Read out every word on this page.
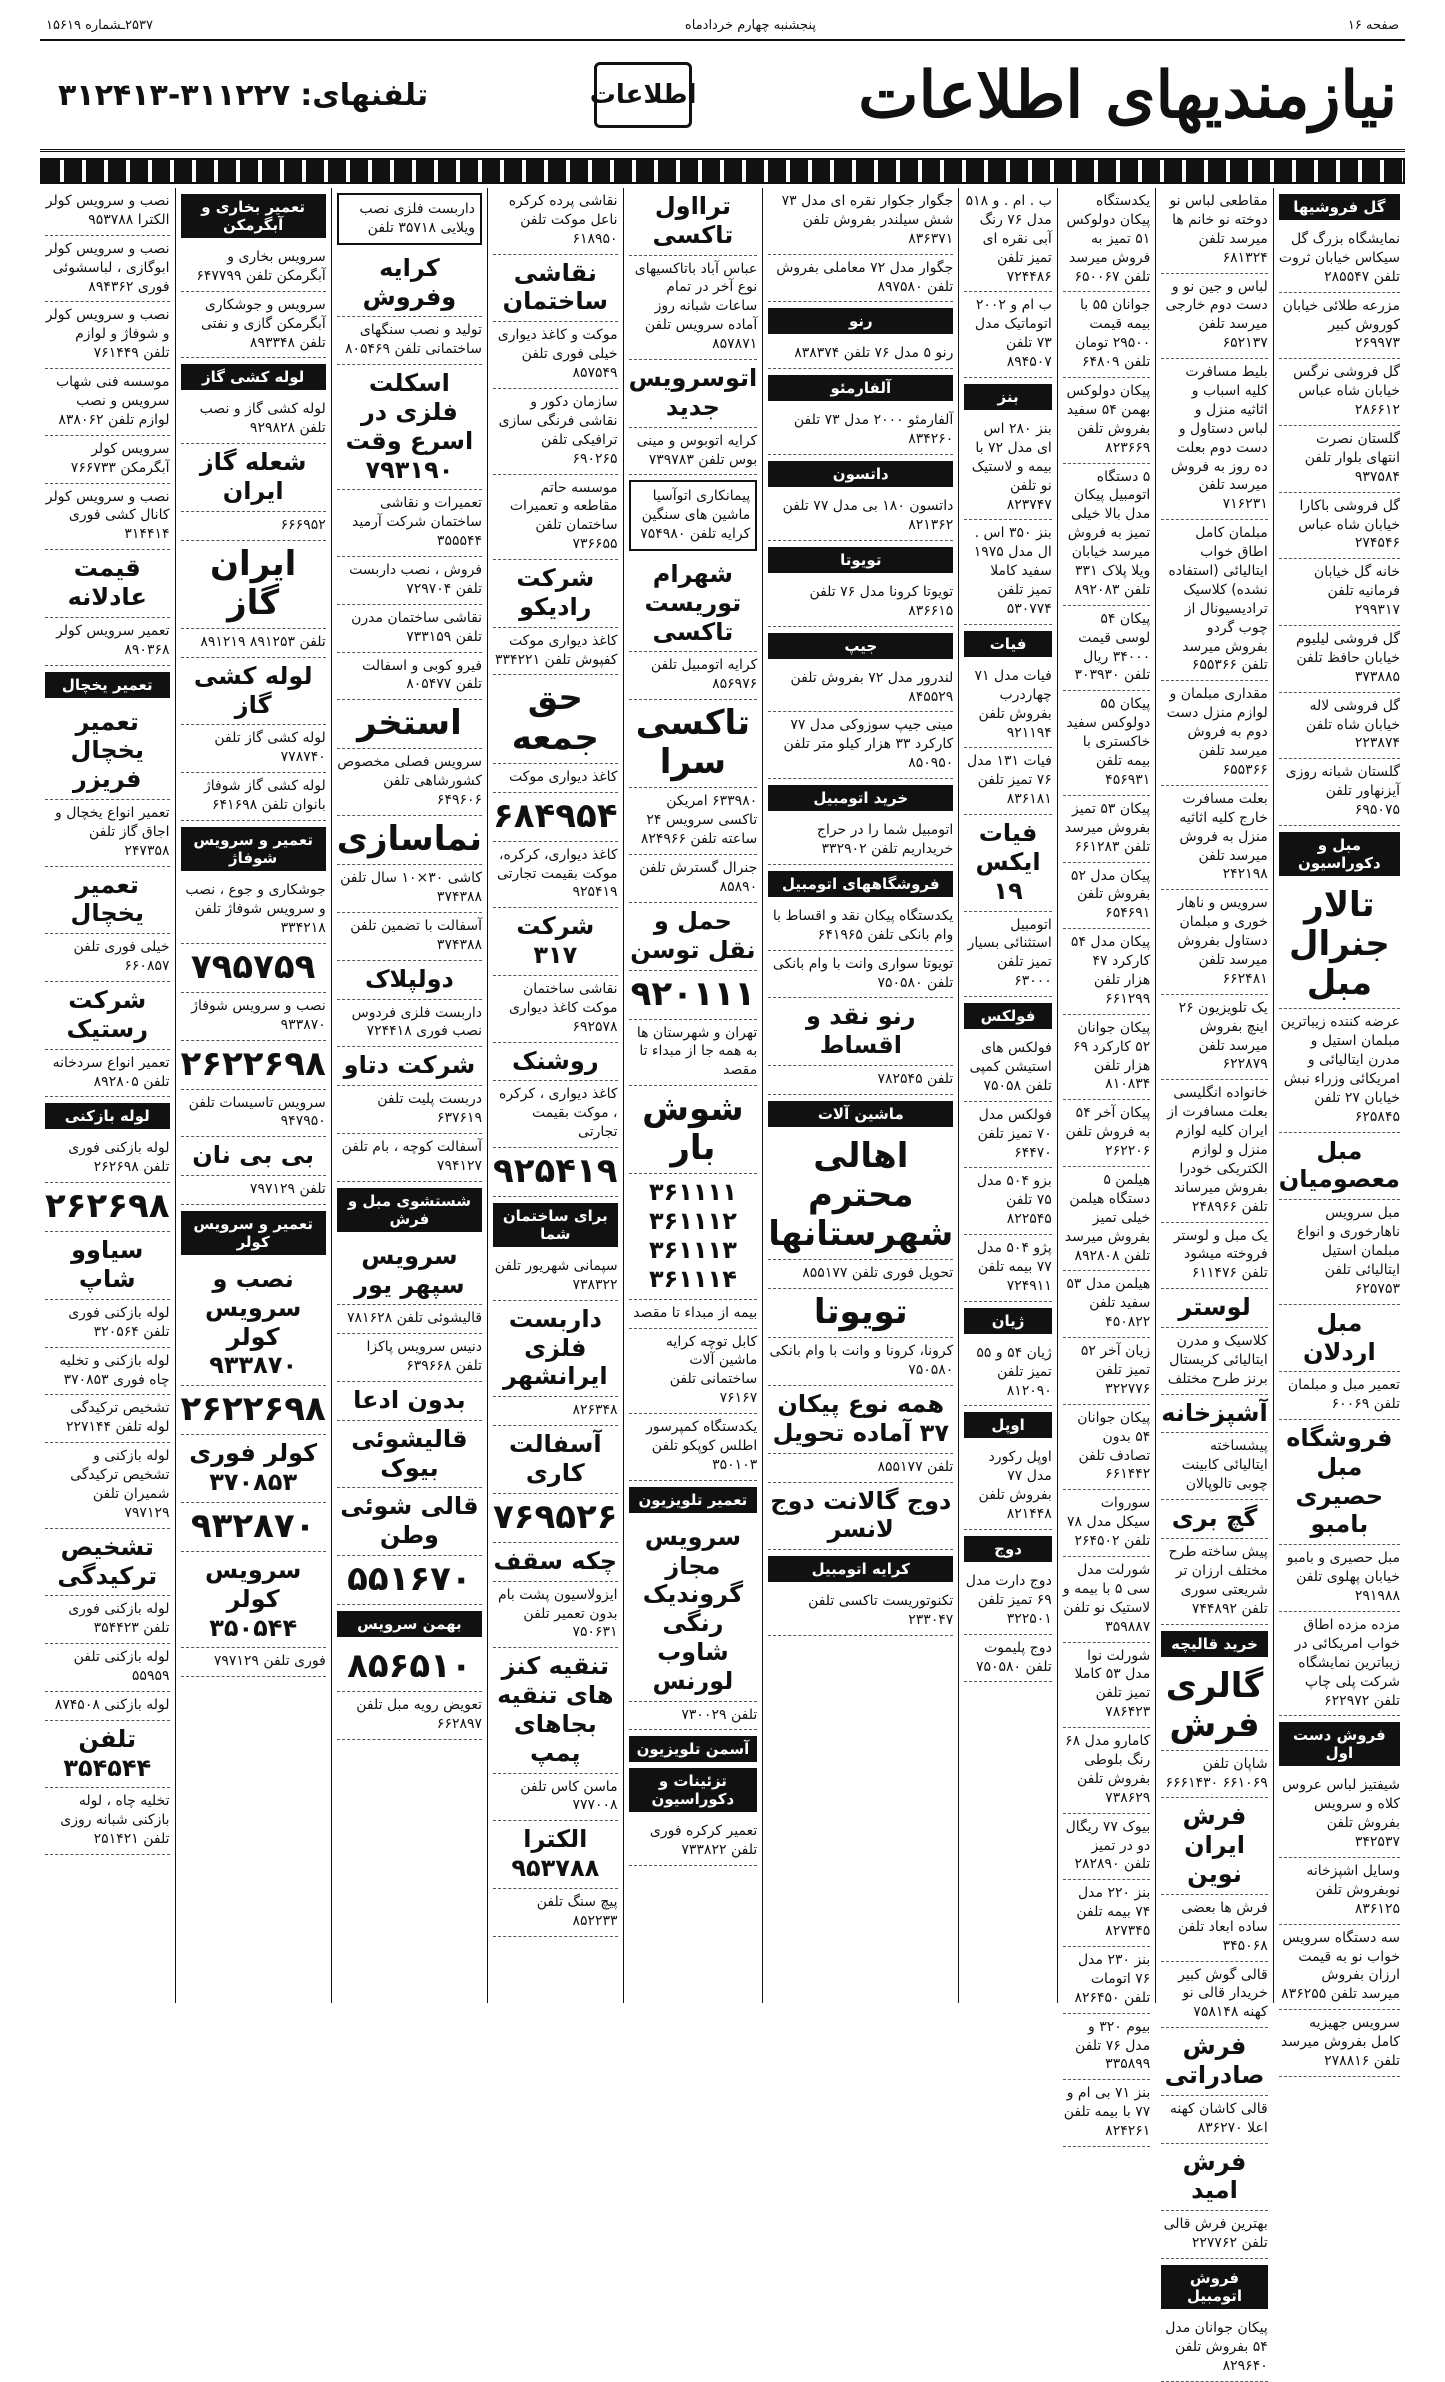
صفحه ۱۶
پنجشنبه چهارم خردادماه
۲۵۳۷ـشماره ۱۵۶۱۹
نیازمندیهای اطلاعات
اطلاعات
تلفنهای:۳۱۱۲۲۷-۳۱۲۴۱۳
گل فروشیها
نمایشگاه بزرگ گل سیکاس خیابان ثروت تلفن ۲۸۵۵۴۷
مزرعه طلائی خیابان کوروش کبیر ۲۶۹۹۷۳
گل فروشی نرگس خیابان شاه عباس ۲۸۶۶۱۲
گلستان نصرت انتهای بلوار تلفن ۹۳۷۵۸۴
گل فروشی باکارا خیابان شاه عباس ۲۷۴۵۴۶
خانه گل خیابان فرمانیه تلفن ۲۹۹۳۱۷
گل فروشی لیلیوم خیابان حافظ تلفن ۳۷۳۸۸۵
گل فروشی لاله خیابان شاه تلفن ۲۲۳۸۷۴
گلستان شبانه روزی آیزنهاور تلفن ۶۹۵۰۷۵
مبل و دکوراسیون
تالار جنرال مبل
عرضه کننده زیباترین مبلمان استیل و مدرن ایتالیائی و امریکائی وزراء نبش خیابان ۲۷ تلفن ۶۲۵۸۴۵
مبل معصومیان
مبل سرویس ناهارخوری و انواع مبلمان استیل ایتالیائی تلفن ۶۲۵۷۵۳
مبل اردلان
تعمیر مبل و مبلمان تلفن ۶۰۰۶۹
فروشگاه مبل حصیری بامبو
مبل حصیری و بامبو خیابان پهلوی تلفن ۲۹۱۹۸۸
مزده مزده اطاق خواب امریکائی در زیباترین نمایشگاه شرکت پلی چاپ تلفن ۶۲۲۹۷۲
فروش دست اول
شیفتیز لباس عروس کلاه و سرویس بفروش تلفن ۳۴۲۵۳۷
وسایل اشپزخانه نوبفروش تلفن ۸۳۶۱۲۵
سه دستگاه سرویس خواب نو به قیمت ارزان بفروش میرسد تلفن ۸۳۶۲۵۵
سرویس جهیزیه کامل بفروش میرسد تلفن ۲۷۸۸۱۶
مقاطعی لباس نو دوخته نو خانم ها میرسد تلفن ۶۸۱۳۲۴
لباس و جین نو و دست دوم خارجی میرسد تلفن ۶۵۲۱۳۷
بلیط مسافرت کلیه اسباب و اثاثیه منزل و لباس دستاول و دست دوم بعلت ده روز به فروش میرسد تلفن ۷۱۶۲۳۱
مبلمان کامل اطاق خواب ایتالیائی (استفاده نشده) کلاسیک ترادیسیونال از چوب گردو بفروش میرسد تلفن ۶۵۵۳۶۶
مقداری مبلمان و لوازم منزل دست دوم به فروش میرسد تلفن ۶۵۵۳۶۶
بعلت مسافرت خارج کلیه اثاثیه منزل به فروش میرسد تلفن ۲۴۲۱۹۸
سرویس و ناهار خوری و مبلمان دستاول بفروش میرسد تلفن ۶۶۲۴۸۱
یک تلویزیون ۲۶ اینچ بفروش میرسد تلفن ۶۲۲۸۷۹
خانواده انگلیسی بعلت مسافرت از ایران کلیه لوازم منزل و لوازم الکتریکی خودرا بفروش میرساند تلفن ۲۴۸۹۶۶
یک مبل و لوستر فروخته میشود تلفن ۶۱۱۴۷۶
لوستر
کلاسیک و مدرن ایتالیائی کریستال برنز طرح مختلف
آشپزخانه
پیشساخته ایتالیائی کابینت چوبی تالوپالان
گچ بری
پیش ساخته طرح مختلف ارزان تر شریعتی سوری تلفن ۷۴۴۸۹۲
خرید قالیچه
گالری فرش
شاپان تلفن ۶۶۱۰۶۹ ۶۶۶۱۴۳۰
فرش ایران نوین
فرش ها بعضی ساده ابعاد تلفن ۳۴۵۰۶۸
قالی گوش کبیر خریدار قالی نو کهنه ۷۵۸۱۴۸
فرش صادراتی
قالی کاشان کهنه اعلا ۸۳۶۲۷۰
فرش امید
بهترین فرش قالی تلفن ۲۲۷۷۶۲
فروش اتومبیل
پیکان جوانان مدل ۵۴ بفروش تلفن ۸۲۹۶۴۰
یکدستگاه پیکان دولوکس ۵۱ تمیز به فروش میرسد تلفن ۶۵۰۰۶۷
جوانان ۵۵ با بیمه قیمت ۲۹۵۰۰ تومان تلفن ۶۴۸۰۹
پیکان دولوکس بهمن ۵۴ سفید بفروش تلفن ۸۲۳۶۶۹
۵ دستگاه اتومبیل پیکان مدل بالا خیلی تمیز به فروش میرسد خیابان ویلا پلاک ۳۳۱ تلفن ۸۹۲۰۸۳
پیکان ۵۴ لوسی قیمت ۳۴۰۰۰ ریال تلفن ۳۰۳۹۳۰
پیکان ۵۵ دولوکس سفید خاکستری با بیمه تلفن ۴۵۶۹۳۱
پیکان ۵۳ تمیز بفروش میرسد تلفن ۶۶۱۲۸۳
پیکان مدل ۵۲ بفروش تلفن ۶۵۴۶۹۱
پیکان مدل ۵۴ کارکرد ۴۷ هزار تلفن ۶۶۱۲۹۹
پیکان جوانان ۵۲ کارکرد ۶۹ هزار تلفن ۸۱۰۸۳۴
پیکان آخر ۵۴ به فروش تلفن ۲۶۲۲۰۶
هیلمن ۵ دستگاه هیلمن خیلی تمیز بفروش میرسد تلفن ۸۹۲۸۰۸
هیلمن مدل ۵۳ سفید تلفن ۴۵۰۸۲۲
زیان آخر ۵۲ تمیز تلفن ۳۲۲۷۷۶
پیکان جوانان ۵۴ بدون تصادف تلفن ۶۶۱۴۴۲
سوروات سیکل مدل ۷۸ تلفن ۲۶۴۵۰۲
شورلت مدل سی ۵ با بیمه و لاستیک نو تلفن ۳۵۹۸۸۷
شورلت نوا مدل ۵۳ کاملا تمیز تلفن ۷۸۶۴۲۳
کامارو مدل ۶۸ رنگ بلوطی بفروش تلفن ۷۳۸۶۲۹
بیوک ۷۷ ریگال دو در تمیز تلفن ۲۸۲۸۹۰
بنز ۲۲۰ مدل ۷۴ بیمه تلفن ۸۲۷۳۴۵
بنز ۲۳۰ مدل ۷۶ اتومات تلفن ۸۲۶۴۵۰
بیوم ۳۲۰ و مدل ۷۶ تلفن ۳۳۵۸۹۹
بنز ۷۱ بی ام و ۷۷ با بیمه تلفن ۸۲۴۲۶۱
ب . ام . و ۵۱۸ مدل ۷۶ رنگ آبی نقره ای تمیز تلفن ۷۲۴۴۸۶
ب ام و ۲۰۰۲ اتوماتیک مدل ۷۳ تلفن ۸۹۴۵۰۷
بنز
بنز ۲۸۰ اس ای مدل ۷۲ با بیمه و لاستیک نو تلفن ۸۲۳۷۴۷
بنز ۳۵۰ اس . ال مدل ۱۹۷۵ سفید کاملا تمیز تلفن ۵۳۰۷۷۴
فیات
فیات مدل ۷۱ چهاردرب بفروش تلفن ۹۲۱۱۹۴
فیات ۱۳۱ مدل ۷۶ تمیز تلفن ۸۳۶۱۸۱
فیات ایکس ۱۹
اتومبیل استثنائی بسیار تمیز تلفن ۶۳۰۰۰
فولکس
فولکس های استیشن کمپی تلفن ۷۵۰۵۸
فولکس مدل ۷۰ تمیز تلفن ۶۴۴۷۰
بزو ۵۰۴ مدل ۷۵ تلفن ۸۲۲۵۴۵
پژو ۵۰۴ مدل ۷۷ بیمه تلفن ۷۲۴۹۱۱
ژیان
ژیان ۵۴ و ۵۵ تمیز تلفن ۸۱۲۰۹۰
اوپل
اوپل رکورد مدل ۷۷ بفروش تلفن ۸۲۱۴۴۸
دوج
دوج دارت مدل ۶۹ تمیز تلفن ۳۲۲۵۰۱
دوج پلیموت تلفن ۷۵۰۵۸۰
جگوار جکوار نقره ای مدل ۷۳ شش سیلندر بفروش تلفن ۸۳۶۳۷۱
جگوار مدل ۷۲ معاملی بفروش تلفن ۸۹۷۵۸۰
رنو
رنو ۵ مدل ۷۶ تلفن ۸۳۸۳۷۴
آلفارمئو
آلفارمئو ۲۰۰۰ مدل ۷۳ تلفن ۸۳۴۲۶۰
داتسون
داتسون ۱۸۰ بی مدل ۷۷ تلفن ۸۲۱۳۶۲
تویوتا
تویوتا کرونا مدل ۷۶ تلفن ۸۳۶۶۱۵
جیپ
لندرور مدل ۷۲ بفروش تلفن ۸۴۵۵۲۹
مینی جیپ سوزوکی مدل ۷۷ کارکرد ۳۳ هزار کیلو متر تلفن ۸۵۰۹۵۰
خرید اتومبیل
اتومبیل شما را در حراج خریداریم تلفن ۳۳۲۹۰۲
فروشگاههای اتومبیل
یکدستگاه پیکان نقد و اقساط با وام بانکی تلفن ۶۴۱۹۶۵
تویوتا سواری وانت با وام بانکی تلفن ۷۵۰۵۸۰
رنو نقد و اقساط
تلفن ۷۸۲۵۴۵
ماشین آلات
اهالی محترم شهرستانها
تحویل فوری تلفن ۸۵۵۱۷۷
تویوتا
کرونا، کرونا و وانت با وام بانکی ۷۵۰۵۸۰
همه نوع پیکان ۳۷ آماده تحویل
تلفن ۸۵۵۱۷۷
دوج گالانت دوج لانسر
کرایه اتومبیل
تکنوتوریست تاکسی تلفن ۲۳۳۰۴۷
ترااول تاکسی
عباس آباد باتاکسیهای نوع آخر در تمام ساعات شبانه روز آماده سرویس تلفن ۸۵۷۸۷۱
اتوسرویس جدید
کرایه اتوبوس و مینی بوس تلفن ۷۳۹۷۸۳
پیمانکاری اتوآسیا ماشین های سنگین کرایه تلفن ۷۵۴۹۸۰
شهرام توریست تاکسی
کرایه اتومبیل تلفن ۸۵۶۹۷۶
تاکسی سرا
۶۳۳۹۸۰ امریکن تاکسی سرویس ۲۴ ساعته تلفن ۸۲۴۹۶۶
جنرال گسترش تلفن ۸۵۸۹۰
حمل و نقل توسن
۹۲۰۱۱۱
تهران و شهرستان ها به همه جا از مبداء تا مقصد
شوش بار
۳۶۱۱۱۱ ۳۶۱۱۱۲ ۳۶۱۱۱۳ ۳۶۱۱۱۴
بیمه از مبداء تا مقصد
کابل توچه کرایه ماشین آلات ساختمانی تلفن ۷۶۱۶۷
یکدستگاه کمپرسور اطلس کوپکو تلفن ۳۵۰۱۰۳
تعمیر تلویزیون
سرویس مجاز گروندیک رنگی شاوب لورنس
تلفن ۷۳۰۰۲۹
آسمن تلویزیون
تزئینات و دکوراسیون
تعمیر کرکره فوری تلفن ۷۳۳۸۲۲
نقاشی پرده کرکره ناعل موکت تلفن ۶۱۸۹۵۰
نقاشی ساختمان
موکت و کاغذ دیواری خیلی فوری تلفن ۸۵۷۵۴۹
سازمان دکور و نقاشی فرنگی سازی ترافیکی تلفن ۶۹۰۲۶۵
موسسه حاتم مقاطعه و تعمیرات ساختمان تلفن ۷۳۶۶۵۵
شرکت رادیکو
کاغذ دیواری موکت کفپوش تلفن ۳۳۴۲۲۱
حق جمعه
کاغذ دیواری موکت
۶۸۴۹۵۴
کاغذ دیواری، کرکره، موکت بقیمت تجارتی ۹۲۵۴۱۹
شرکت ۳۱۷
نقاشی ساختمان موکت کاغذ دیواری ۶۹۲۵۷۸
روشنک
کاغذ دیواری ، کرکره ، موکت بقیمت تجارتی
۹۲۵۴۱۹
برای ساختمان شما
سپمانی شهریور تلفن ۷۳۸۳۲۲
داربست فلزی ایرانشهر
۸۲۶۳۴۸
آسفالت کاری
۷۶۹۵۲۶
چکه سقف
ایزولاسیون پشت بام بدون تعمیر تلفن ۷۵۰۶۳۱
تنقیه کنز های تنقیه بجاهای پمپ
ماسن کاس تلفن ۷۷۷۰۰۸
الکترا ۹۵۳۷۸۸
پیچ سنگ تلفن ۸۵۲۲۳۳
داربست فلزی نصب ویلایی ۳۵۷۱۸ تلفن
کرایه وفروش
تولید و نصب سنگهای ساختمانی تلفن ۸۰۵۴۶۹
اسکلت فلزی در اسرع وقت ۷۹۳۱۹۰
تعمیرات و نقاشی ساختمان شرکت آرمید ۳۵۵۵۴۴
فروش ، نصب داربست تلفن ۷۲۹۷۰۴
نقاشی ساختمان مدرن تلفن ۷۳۳۱۵۹
فیرو کوبی و اسفالت تلفن ۸۰۵۴۷۷
استخر
سرویس فصلی مخصوص کشورشاهی تلفن ۶۴۹۶۰۶
نماسازی
کاشی ۳۰×۱۰ سال تلفن ۳۷۴۳۸۸
آسفالت با تضمین تلفن ۳۷۴۳۸۸
دولپلاک
داربست فلزی فردوس نصب فوری ۷۲۴۴۱۸
شرکت دتاو
دربست پلیت تلفن ۶۳۷۶۱۹
آسفالت کوچه ، بام تلفن ۷۹۴۱۲۷
شستشوی مبل و فرش
سرویس سپهر یور
قالیشوئی تلفن ۷۸۱۶۲۸
دنیس سرویس پاکزا تلفن ۶۳۹۶۶۸
بدون ادعا
قالیشوئی بیوک
قالی شوئی وطن
۵۵۱۶۷۰
بهمن سرویس
۸۵۶۵۱۰
تعویض رویه مبل تلفن ۶۶۲۸۹۷
تعمیر بخاری و آبگرمکن
سرویس بخاری و آبگرمکن تلفن ۶۴۷۷۹۹
سرویس و جوشکاری آبگرمکن گازی و نفتی تلفن ۸۹۳۳۴۸
لوله کشی گاز
لوله کشی گاز و نصب تلفن ۹۲۹۸۲۸
شعله گاز ایران
۶۶۶۹۵۲
ایران گاز
تلفن ۸۹۱۲۵۳ ۸۹۱۲۱۹
لوله کشی گاز
لوله کشی گاز تلفن ۷۷۸۷۴۰
لوله کشی گاز شوفاژ بانوان تلفن ۶۴۱۶۹۸
تعمیر و سرویس شوفاژ
جوشکاری و جوع ، نصب و سرویس شوفاژ تلفن ۳۳۴۲۱۸
۷۹۵۷۵۹
نصب و سرویس شوفاژ ۹۳۳۸۷۰
۲۶۲۲۶۹۸
سرویس تاسیسات تلفن ۹۴۷۹۵۰
بی بی نان
تلفن ۷۹۷۱۲۹
تعمیر و سرویس کولر
نصب و سرویس کولر ۹۳۳۸۷۰
۲۶۲۲۶۹۸
کولر فوری ۳۷۰۸۵۳
۹۳۲۸۷۰
سرویس کولر ۳۵۰۵۴۴
فوری تلفن ۷۹۷۱۲۹
نصب و سرویس کولر الکترا ۹۵۳۷۸۸
نصب و سرویس کولر ابوگازی ، لباسشوئی فوری ۸۹۴۳۶۲
نصب و سرویس کولر و شوفاژ و لوازم تلفن ۷۶۱۴۴۹
موسسه فنی شهاب سرویس و نصب لوازم تلفن ۸۳۸۰۶۲
سرویس کولر آبگرمکن ۷۶۶۷۳۳
نصب و سرویس کولر کانال کشی فوری ۳۱۴۴۱۴
قیمت عادلانه
تعمیر سرویس کولر ۸۹۰۳۶۸
تعمیر یخچال
تعمیر یخچال فریزر
تعمیر انواع یخچال و اجاق گاز تلفن ۲۴۷۳۵۸
تعمیر یخچال
خیلی فوری تلفن ۶۶۰۸۵۷
شرکت رستیک
تعمیر انواع سردخانه تلفن ۸۹۲۸۰۵
لوله بازکنی
لوله بازکنی فوری تلفن ۲۶۲۶۹۸
۲۶۲۶۹۸
سیاوو شاپ
لوله بازکنی فوری تلفن ۳۲۰۵۶۴
لوله بازکنی و تخلیه چاه فوری ۳۷۰۸۵۳
تشخیص ترکیدگی لوله تلفن ۲۲۷۱۴۴
لوله بازکنی و تشخیص ترکیدگی شمیران تلفن ۷۹۷۱۲۹
تشخیص ترکیدگی
لوله بازکنی فوری تلفن ۳۵۴۴۲۳
لوله بازکنی تلفن ۵۵۹۵۹
لوله بازکنی ۸۷۴۵۰۸
تلفن ۳۵۴۵۴۴
تخلیه چاه ، لوله بازکنی شبانه روزی تلفن ۲۵۱۴۲۱
